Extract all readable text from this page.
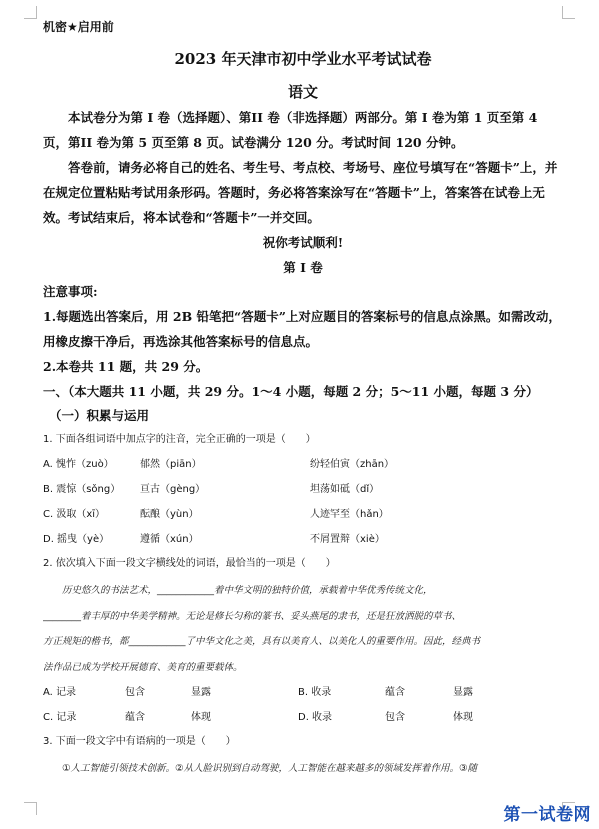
机密★启用前
2023 年天津市初中学业水平考试试卷
语文
本试卷分为第 I 卷（选择题）、第II 卷（非选择题）两部分。第 I 卷为第 1 页至第 4 页，第II 卷为第 5 页至第 8 页。试卷满分 120 分。考试时间 120 分钟。
答卷前，请务必将自己的姓名、考生号、考点校、考场号、座位号填写在“答题卡”上，并在规定位置粘贴考试用条形码。答题时，务必将答案涂写在“答题卡”上，答案答在试卷上无效。考试结束后，将本试卷和“答题卡”一并交回。
祝你考试顺利!
第 I 卷
注意事项:
1.每题选出答案后，用 2B 铅笔把“答题卡”上对应题目的答案标号的信息点涂黑。如需改动，用橡皮擦干净后，再选涂其他答案标号的信息点。
2.本卷共 11 题，共 29 分。
一、（本大题共 11 小题，共 29 分。1～4 小题，每题 2 分；5～11 小题，每题 3 分）
（一）积累与运用
1. 下面各组词语中加点字的注音，完全正确的一项是（　　）
A. 愧怍（zuò）	郁然（piān）	纷轻伯寅（zhān）
B. 震惊（sǒng） 亘古（gèng）	坦荡如砥（dǐ）
C. 汲取（xī）	酝酿（yùn）	人迹罕至（hǎn）
D. 摇曳（yè）	遵循（xún）	不屑置辩（xiè）
2. 依次填入下面一段文字横线处的词语，最恰当的一项是（　　）
历史悠久的书法艺术，____________着中华文明的独特价值，承载着中华优秀传统文化，
________着丰厚的中华美学精神。无论是修长匀称的篆书、妥头燕尾的隶书，还是狂放洒脱的草书、
方正规矩的楷书，都____________了中华文化之美，具有以美育人、以美化人的重要作用。因此，经典书
法作品已成为学校开展德育、美育的重要载体。
A. 记录	包含	显露	B. 收录	蕴含	显露
C. 记录	蕴含	体现	D. 收录	包含	体现
3. 下面一段文字中有语病的一项是（　　）
①人工智能引领技术创新。②从人脸识别到自动驾驶，人工智能在越来越多的领域发挥着作用。③随
第一试卷网
